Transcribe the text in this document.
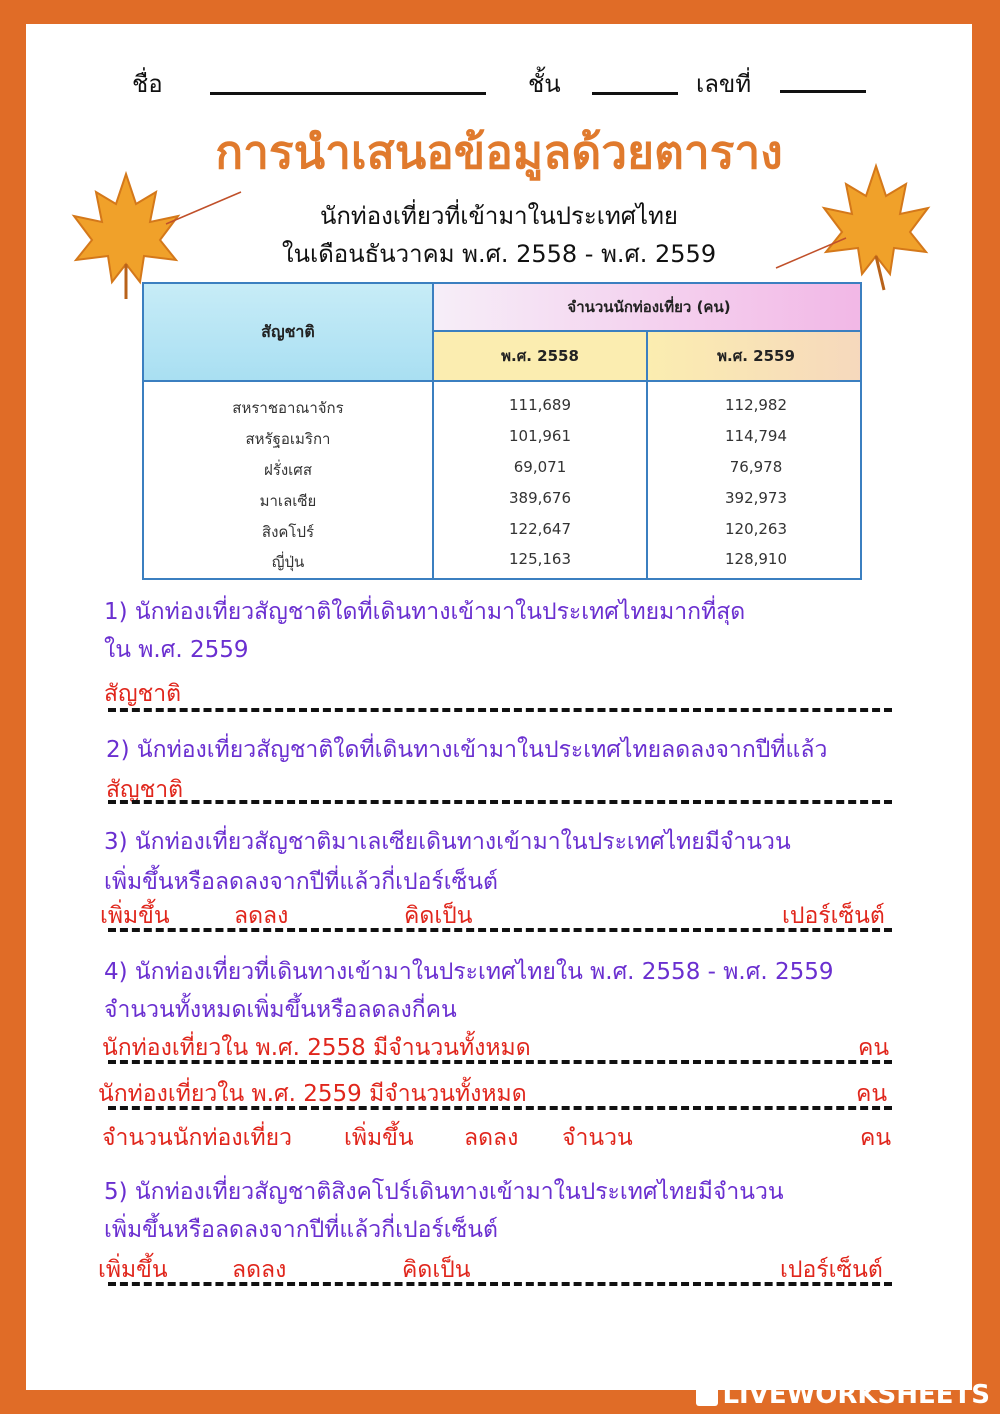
ชื่อ	ชั้น	เลขที่
การนำเสนอข้อมูลด้วยตาราง
นักท่องเที่ยวที่เข้ามาในประเทศไทย
ในเดือนธันวาคม พ.ศ. 2558 - พ.ศ. 2559
สัญชาติ
จำนวนนักท่องเที่ยว (คน)
พ.ศ. 2558	พ.ศ. 2559
สหราชอาณาจักร	111,689	112,982
สหรัฐอเมริกา	101,961	114,794
ฝรั่งเศส	69,071	76,978
มาเลเซีย	389,676	392,973
สิงคโปร์	122,647	120,263
ญี่ปุ่น	125,163	128,910
1) นักท่องเที่ยวสัญชาติใดที่เดินทางเข้ามาในประเทศไทยมากที่สุด
ใน พ.ศ. 2559
สัญชาติ
2) นักท่องเที่ยวสัญชาติใดที่เดินทางเข้ามาในประเทศไทยลดลงจากปีที่แล้ว
สัญชาติ
3) นักท่องเที่ยวสัญชาติมาเลเซียเดินทางเข้ามาในประเทศไทยมีจำนวน
เพิ่มขึ้นหรือลดลงจากปีที่แล้วกี่เปอร์เซ็นต์
เพิ่มขึ้น	ลดลง	คิดเป็น	เปอร์เซ็นต์
4) นักท่องเที่ยวที่เดินทางเข้ามาในประเทศไทยใน พ.ศ. 2558 - พ.ศ. 2559
จำนวนทั้งหมดเพิ่มขึ้นหรือลดลงกี่คน
นักท่องเที่ยวใน พ.ศ. 2558 มีจำนวนทั้งหมด	คน
นักท่องเที่ยวใน พ.ศ. 2559 มีจำนวนทั้งหมด	คน
จำนวนนักท่องเที่ยว เพิ่มขึ้น ลดลง จำนวน	คน
5) นักท่องเที่ยวสัญชาติสิงคโปร์เดินทางเข้ามาในประเทศไทยมีจำนวน
เพิ่มขึ้นหรือลดลงจากปีที่แล้วกี่เปอร์เซ็นต์
เพิ่มขึ้น	ลดลง	คิดเป็น	เปอร์เซ็นต์
LIVEWORKSHEETS
